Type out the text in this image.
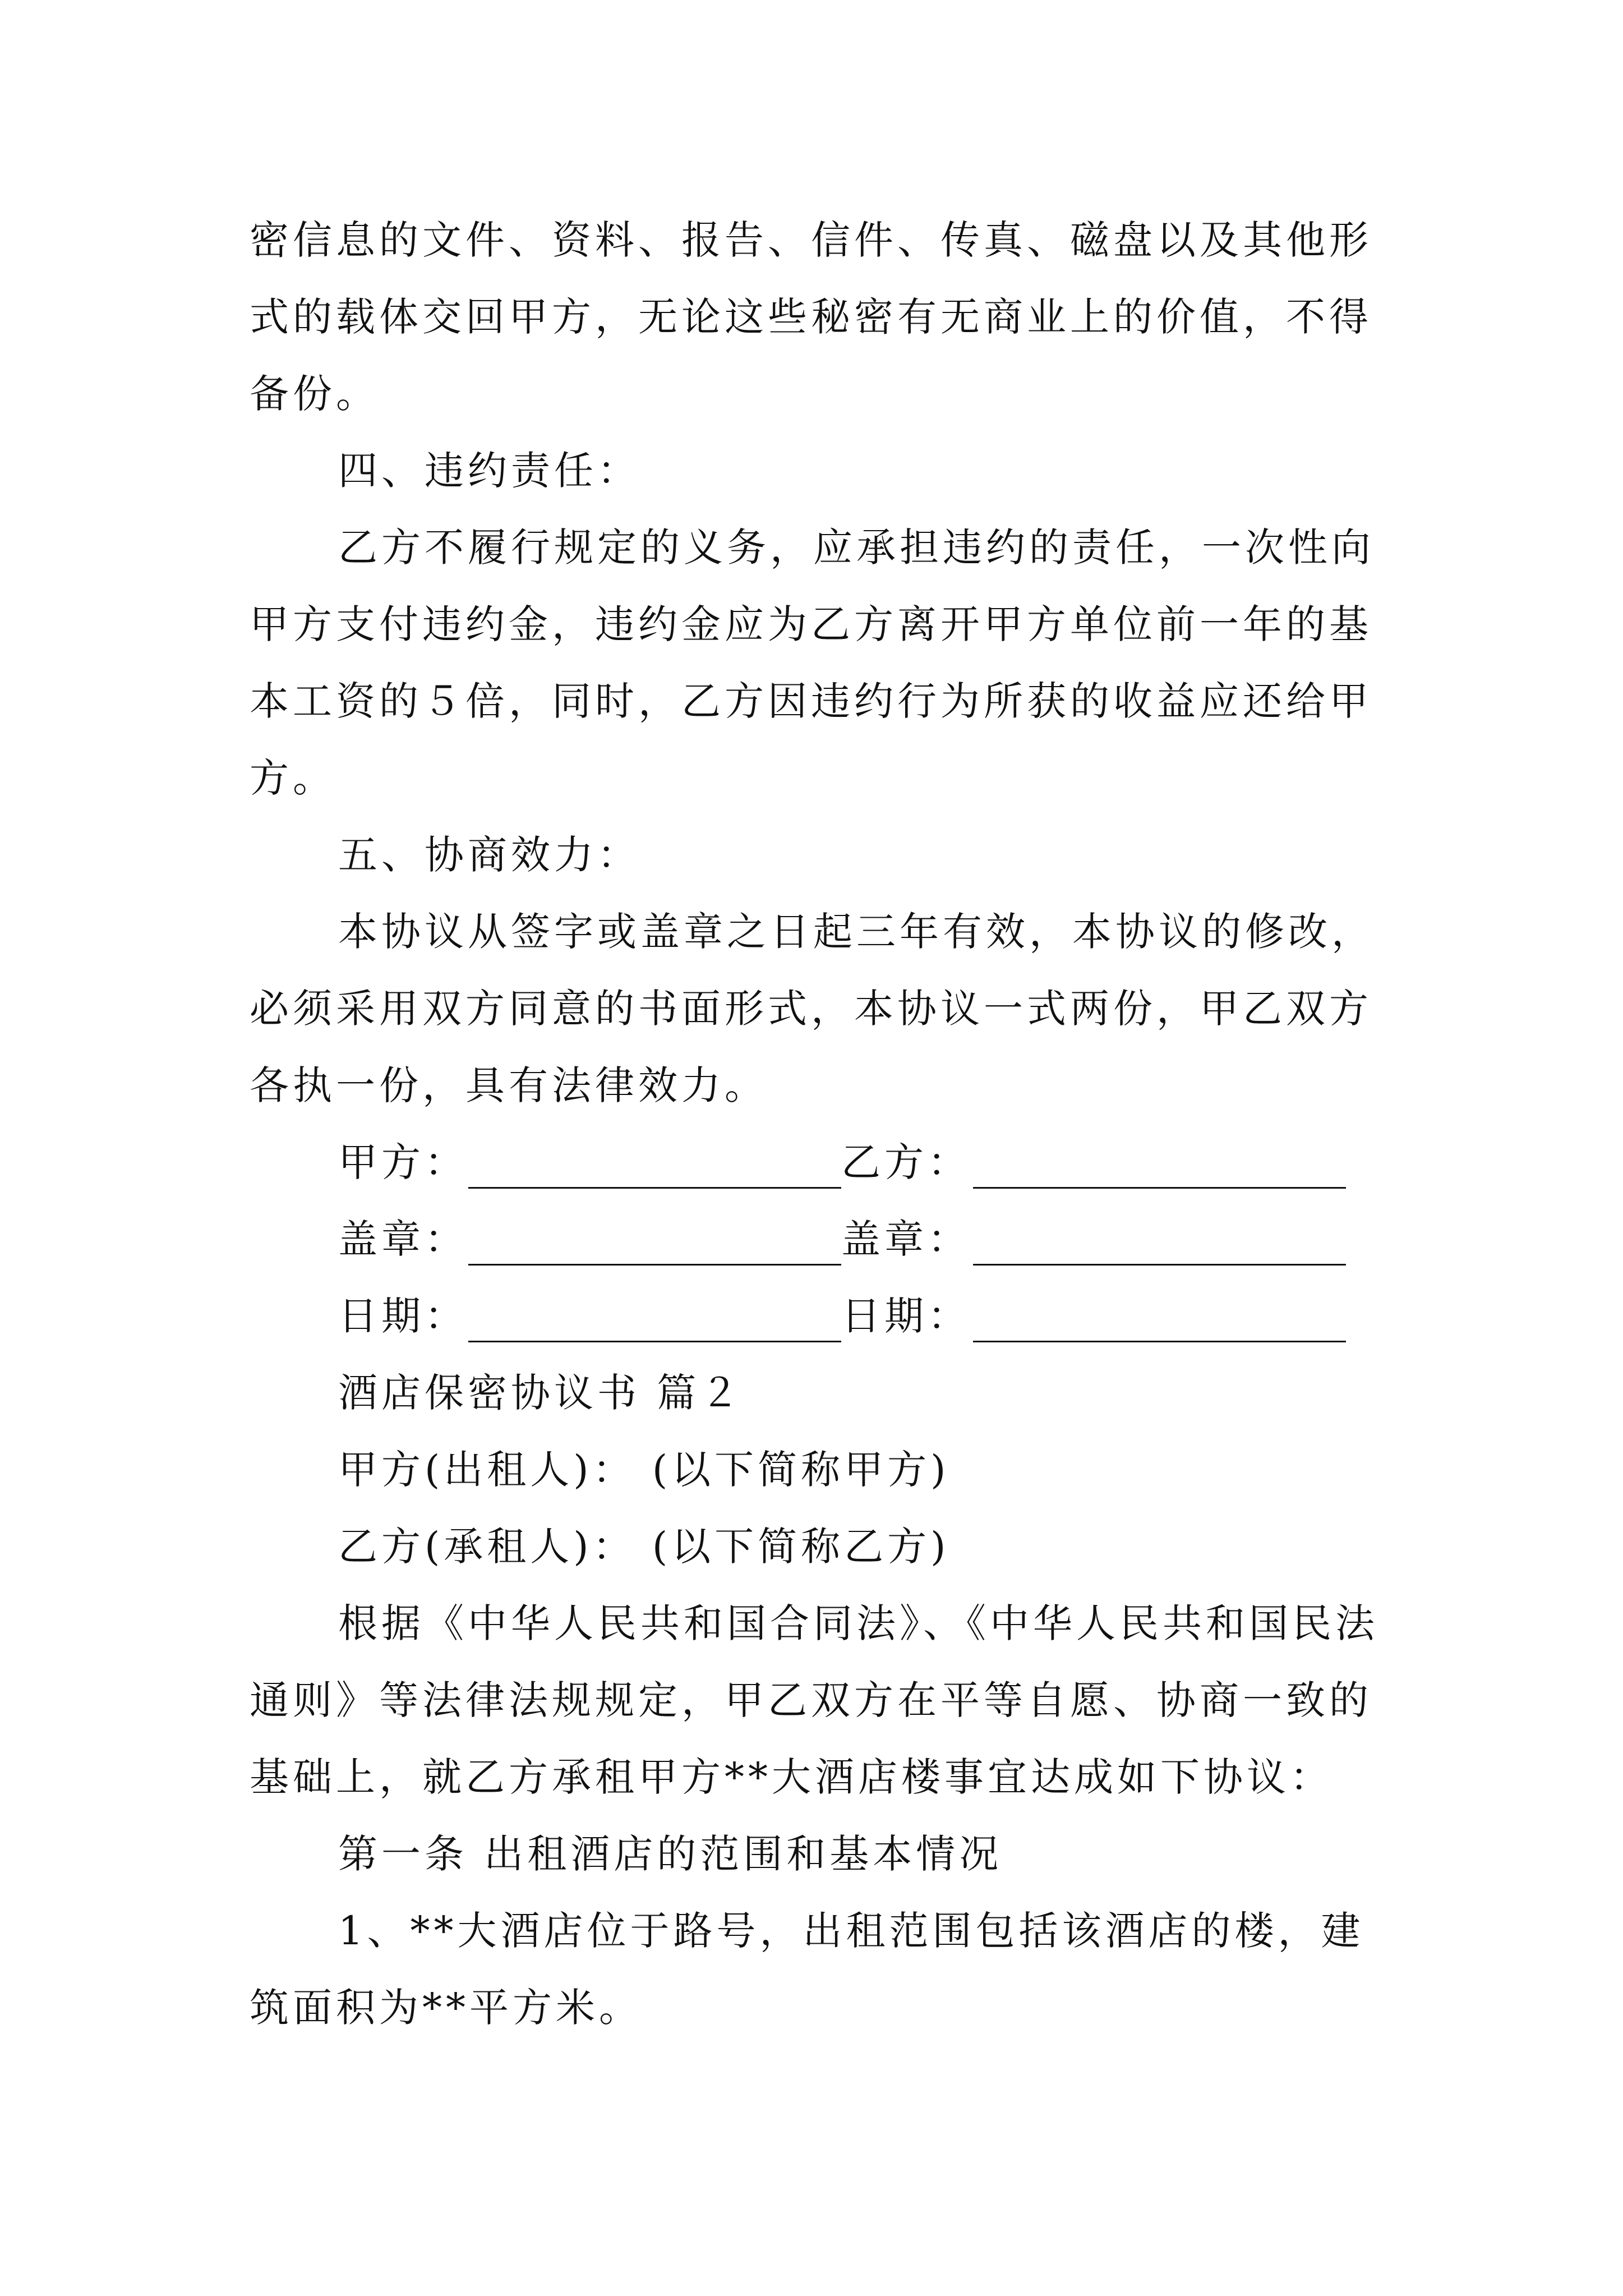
密信息的文件、资料、报告、信件、传真、磁盘以及其他形
式的载体交回甲方，无论这些秘密有无商业上的价值，不得
备份。
四、违约责任：
乙方不履行规定的义务，应承担违约的责任，一次性向
甲方支付违约金，违约金应为乙方离开甲方单位前一年的基
本工资的５倍，同时，乙方因违约行为所获的收益应还给甲
方。
五、协商效力：
本协议从签字或盖章之日起三年有效，本协议的修改，
必须采用双方同意的书面形式，本协议一式两份，甲乙双方
各执一份，具有法律效力。
甲方：	乙方：
盖章：	盖章：
日期：	日期：
酒店保密协议书 篇２
甲方(出租人)： (以下简称甲方)
乙方(承租人)： (以下简称乙方)
根据《中华人民共和国合同法》、《中华人民共和国民法
通则》等法律法规规定，甲乙双方在平等自愿、协商一致的
基础上，就乙方承租甲方**大酒店楼事宜达成如下协议：
第一条 出租酒店的范围和基本情况
1、**大酒店位于路号，出租范围包括该酒店的楼，建
筑面积为**平方米。
